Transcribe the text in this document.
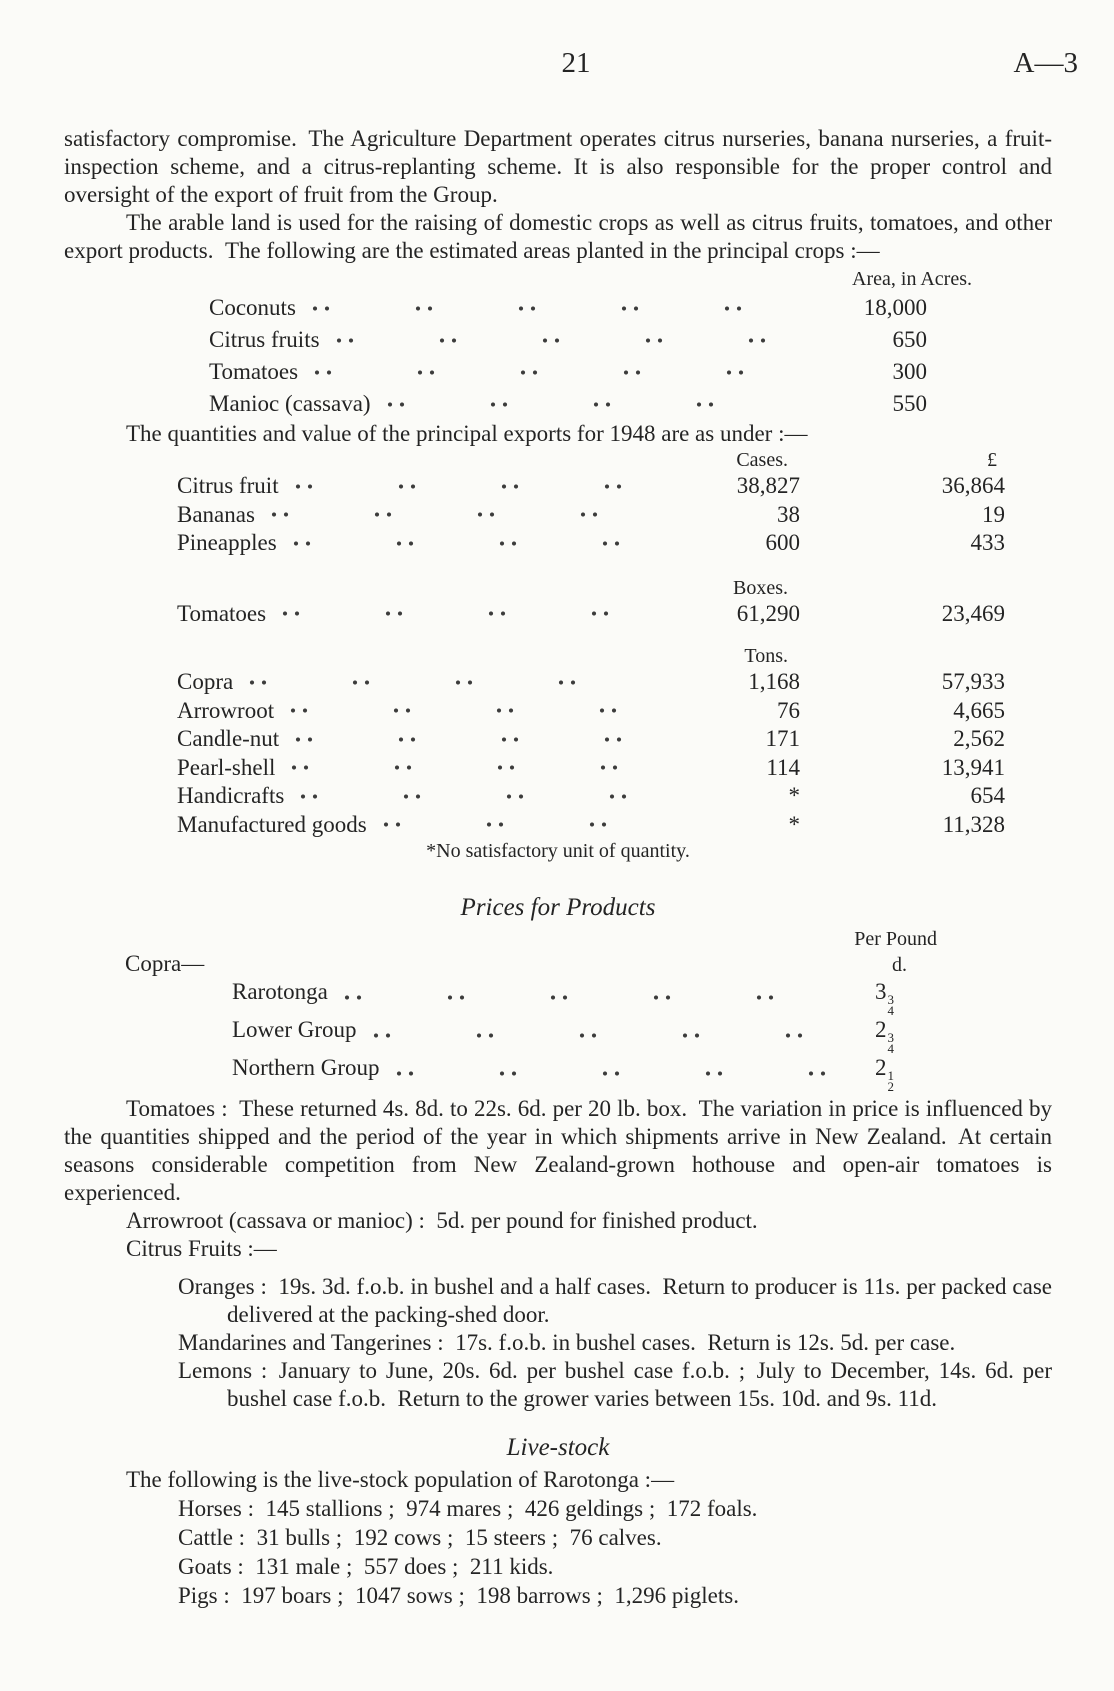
21	A—3

satisfactory compromise. The Agriculture Department operates citrus nurseries, banana nurseries, a fruit-inspection scheme, and a citrus-replanting scheme. It is also responsible for the proper control and oversight of the export of fruit from the Group.

The arable land is used for the raising of domestic crops as well as citrus fruits, tomatoes, and other export products. The following are the estimated areas planted in the principal crops :—

Area, in Acres.
Coconuts	18,000
Citrus fruits	650
Tomatoes	300
Manioc (cassava)	550

The quantities and value of the principal exports for 1948 are as under :—

Cases.	£
Citrus fruit	38,827	36,864
Bananas	38	19
Pineapples	600	433
Boxes.
Tomatoes	61,290	23,469
Tons.
Copra	1,168	57,933
Arrowroot	76	4,665
Candle-nut	171	2,562
Pearl-shell	114	13,941
Handicrafts	*	654
Manufactured goods	*	11,328

*No satisfactory unit of quantity.

Prices for Products
Per Pound
Copra—	d.
Rarotonga	3 3
4
Lower Group	2 3
4
Northern Group	2 1
2

Tomatoes : These returned 4s. 8d. to 22s. 6d. per 20 lb. box. The variation in price is influenced by the quantities shipped and the period of the year in which shipments arrive in New Zealand. At certain seasons considerable competition from New Zealand-grown hothouse and open-air tomatoes is experienced.

Arrowroot (cassava or manioc) : 5d. per pound for finished product.

Citrus Fruits :—

Oranges : 19s. 3d. f.o.b. in bushel and a half cases. Return to producer is 11s. per packed case delivered at the packing-shed door.

Mandarines and Tangerines : 17s. f.o.b. in bushel cases. Return is 12s. 5d. per case.

Lemons : January to June, 20s. 6d. per bushel case f.o.b. ; July to December, 14s. 6d. per bushel case f.o.b. Return to the grower varies between 15s. 10d. and 9s. 11d.

Live-stock

The following is the live-stock population of Rarotonga :—

Horses : 145 stallions ; 974 mares ; 426 geldings ; 172 foals.

Cattle : 31 bulls ; 192 cows ; 15 steers ; 76 calves.

Goats : 131 male ; 557 does ; 211 kids.

Pigs : 197 boars ; 1047 sows ; 198 barrows ; 1,296 piglets.
